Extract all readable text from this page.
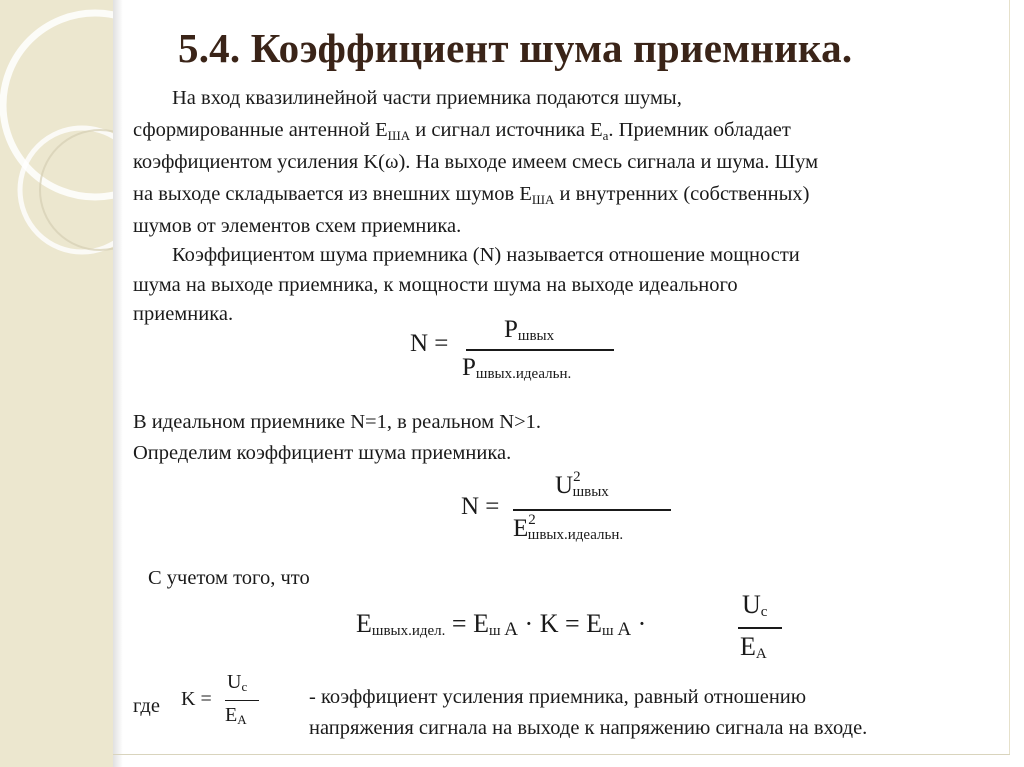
5.4. Коэффициент шума приемника.
На вход квазилинейной части приемника подаются шумы,
сформированные антенной $E_{ША}$ и сигнал источника $E_а$. Приемник обладает
коэффициентом усиления K(ω). На выходе имеем смесь сигнала и шума. Шум
на выходе складывается из внешних шумов $E_{ША}$ и внутренних (собственных)
шумов от элементов схем приемника.
Коэффициентом шума приемника (N) называется отношение мощности
шума на выходе приемника, к мощности шума на выходе идеального
приемника.
N =
$P_{швых}$
$P_{швых.идеальн.}$
В идеальном приемнике N=1, в реальном N>1.
Определим коэффициент шума приемника.
N =
$U^2_{швых}$
$E^2_{швых.идеальн.}$
С учетом того, что
$E_{швых.идел.} = E_{ш A} \cdot K = E_{ш A}$ ·
$U_c$
$E_A$
где K =
$U_c$
$E_A$
- коэффициент усиления приемника, равный отношению
напряжения сигнала на выходе к напряжению сигнала на входе.
